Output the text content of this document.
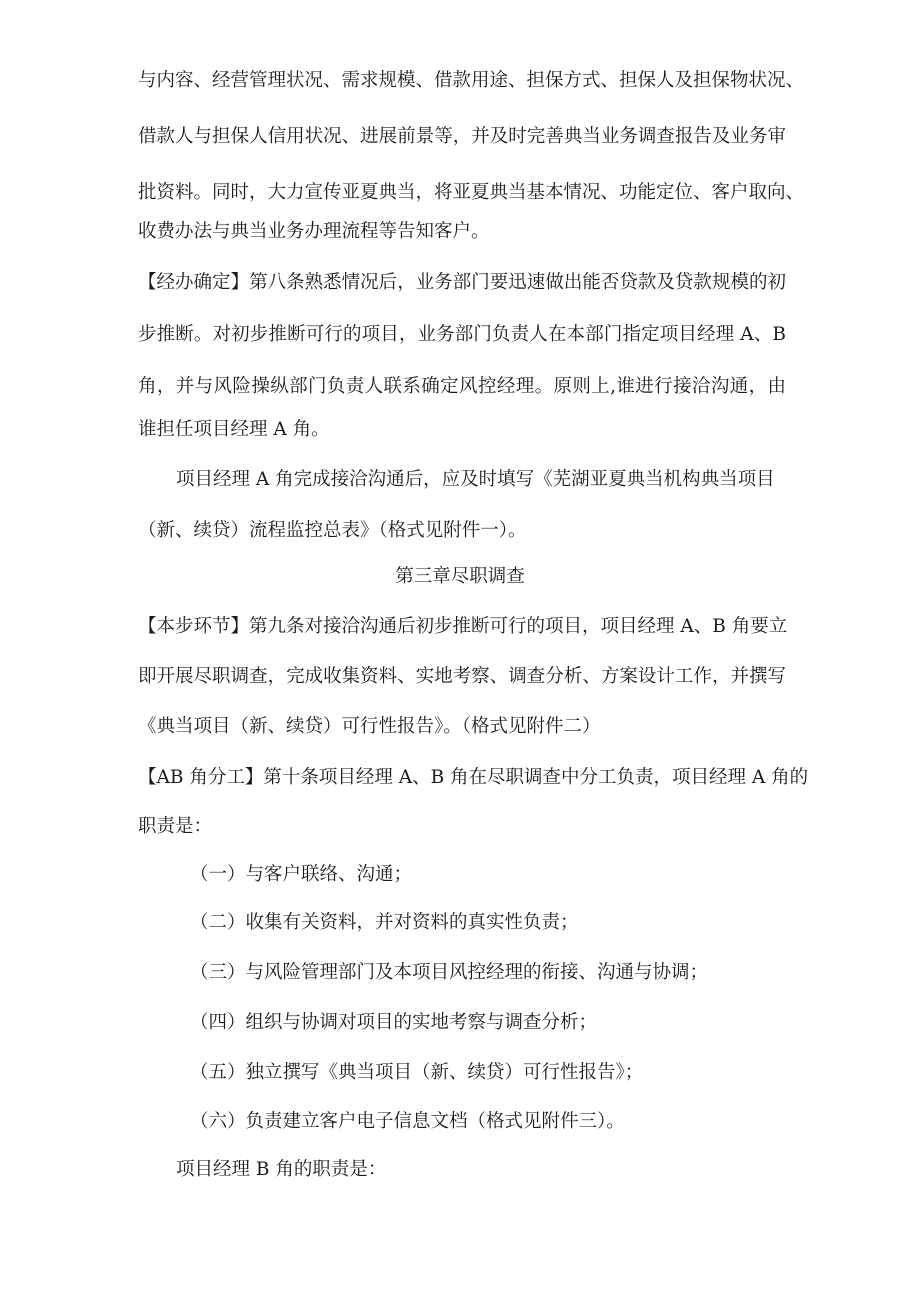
与内容、经营管理状况、需求规模、借款用途、担保方式、担保人及担保物状况、

借款人与担保人信用状况、进展前景等，并及时完善典当业务调查报告及业务审

批资料。同时，大力宣传亚夏典当，将亚夏典当基本情况、功能定位、客户取向、

收费办法与典当业务办理流程等告知客户。

【经办确定】第八条熟悉情况后，业务部门要迅速做出能否贷款及贷款规模的初

步推断。对初步推断可行的项目，业务部门负责人在本部门指定项目经理 A、B

角，并与风险操纵部门负责人联系确定风控经理。原则上,谁进行接洽沟通，由

谁担任项目经理 A 角。

项目经理 A 角完成接洽沟通后，应及时填写《芜湖亚夏典当机构典当项目

（新、续贷）流程监控总表》（格式见附件一）。

第三章尽职调查

【本步环节】第九条对接洽沟通后初步推断可行的项目，项目经理 A、B 角要立

即开展尽职调查，完成收集资料、实地考察、调查分析、方案设计工作，并撰写

《典当项目（新、续贷）可行性报告》。（格式见附件二）

【AB 角分工】第十条项目经理 A、B 角在尽职调查中分工负责，项目经理 A 角的

职责是：

（一）与客户联络、沟通；

（二）收集有关资料，并对资料的真实性负责；

（三）与风险管理部门及本项目风控经理的衔接、沟通与协调；

（四）组织与协调对项目的实地考察与调查分析；

（五）独立撰写《典当项目（新、续贷）可行性报告》；

（六）负责建立客户电子信息文档（格式见附件三）。

项目经理 B 角的职责是：
